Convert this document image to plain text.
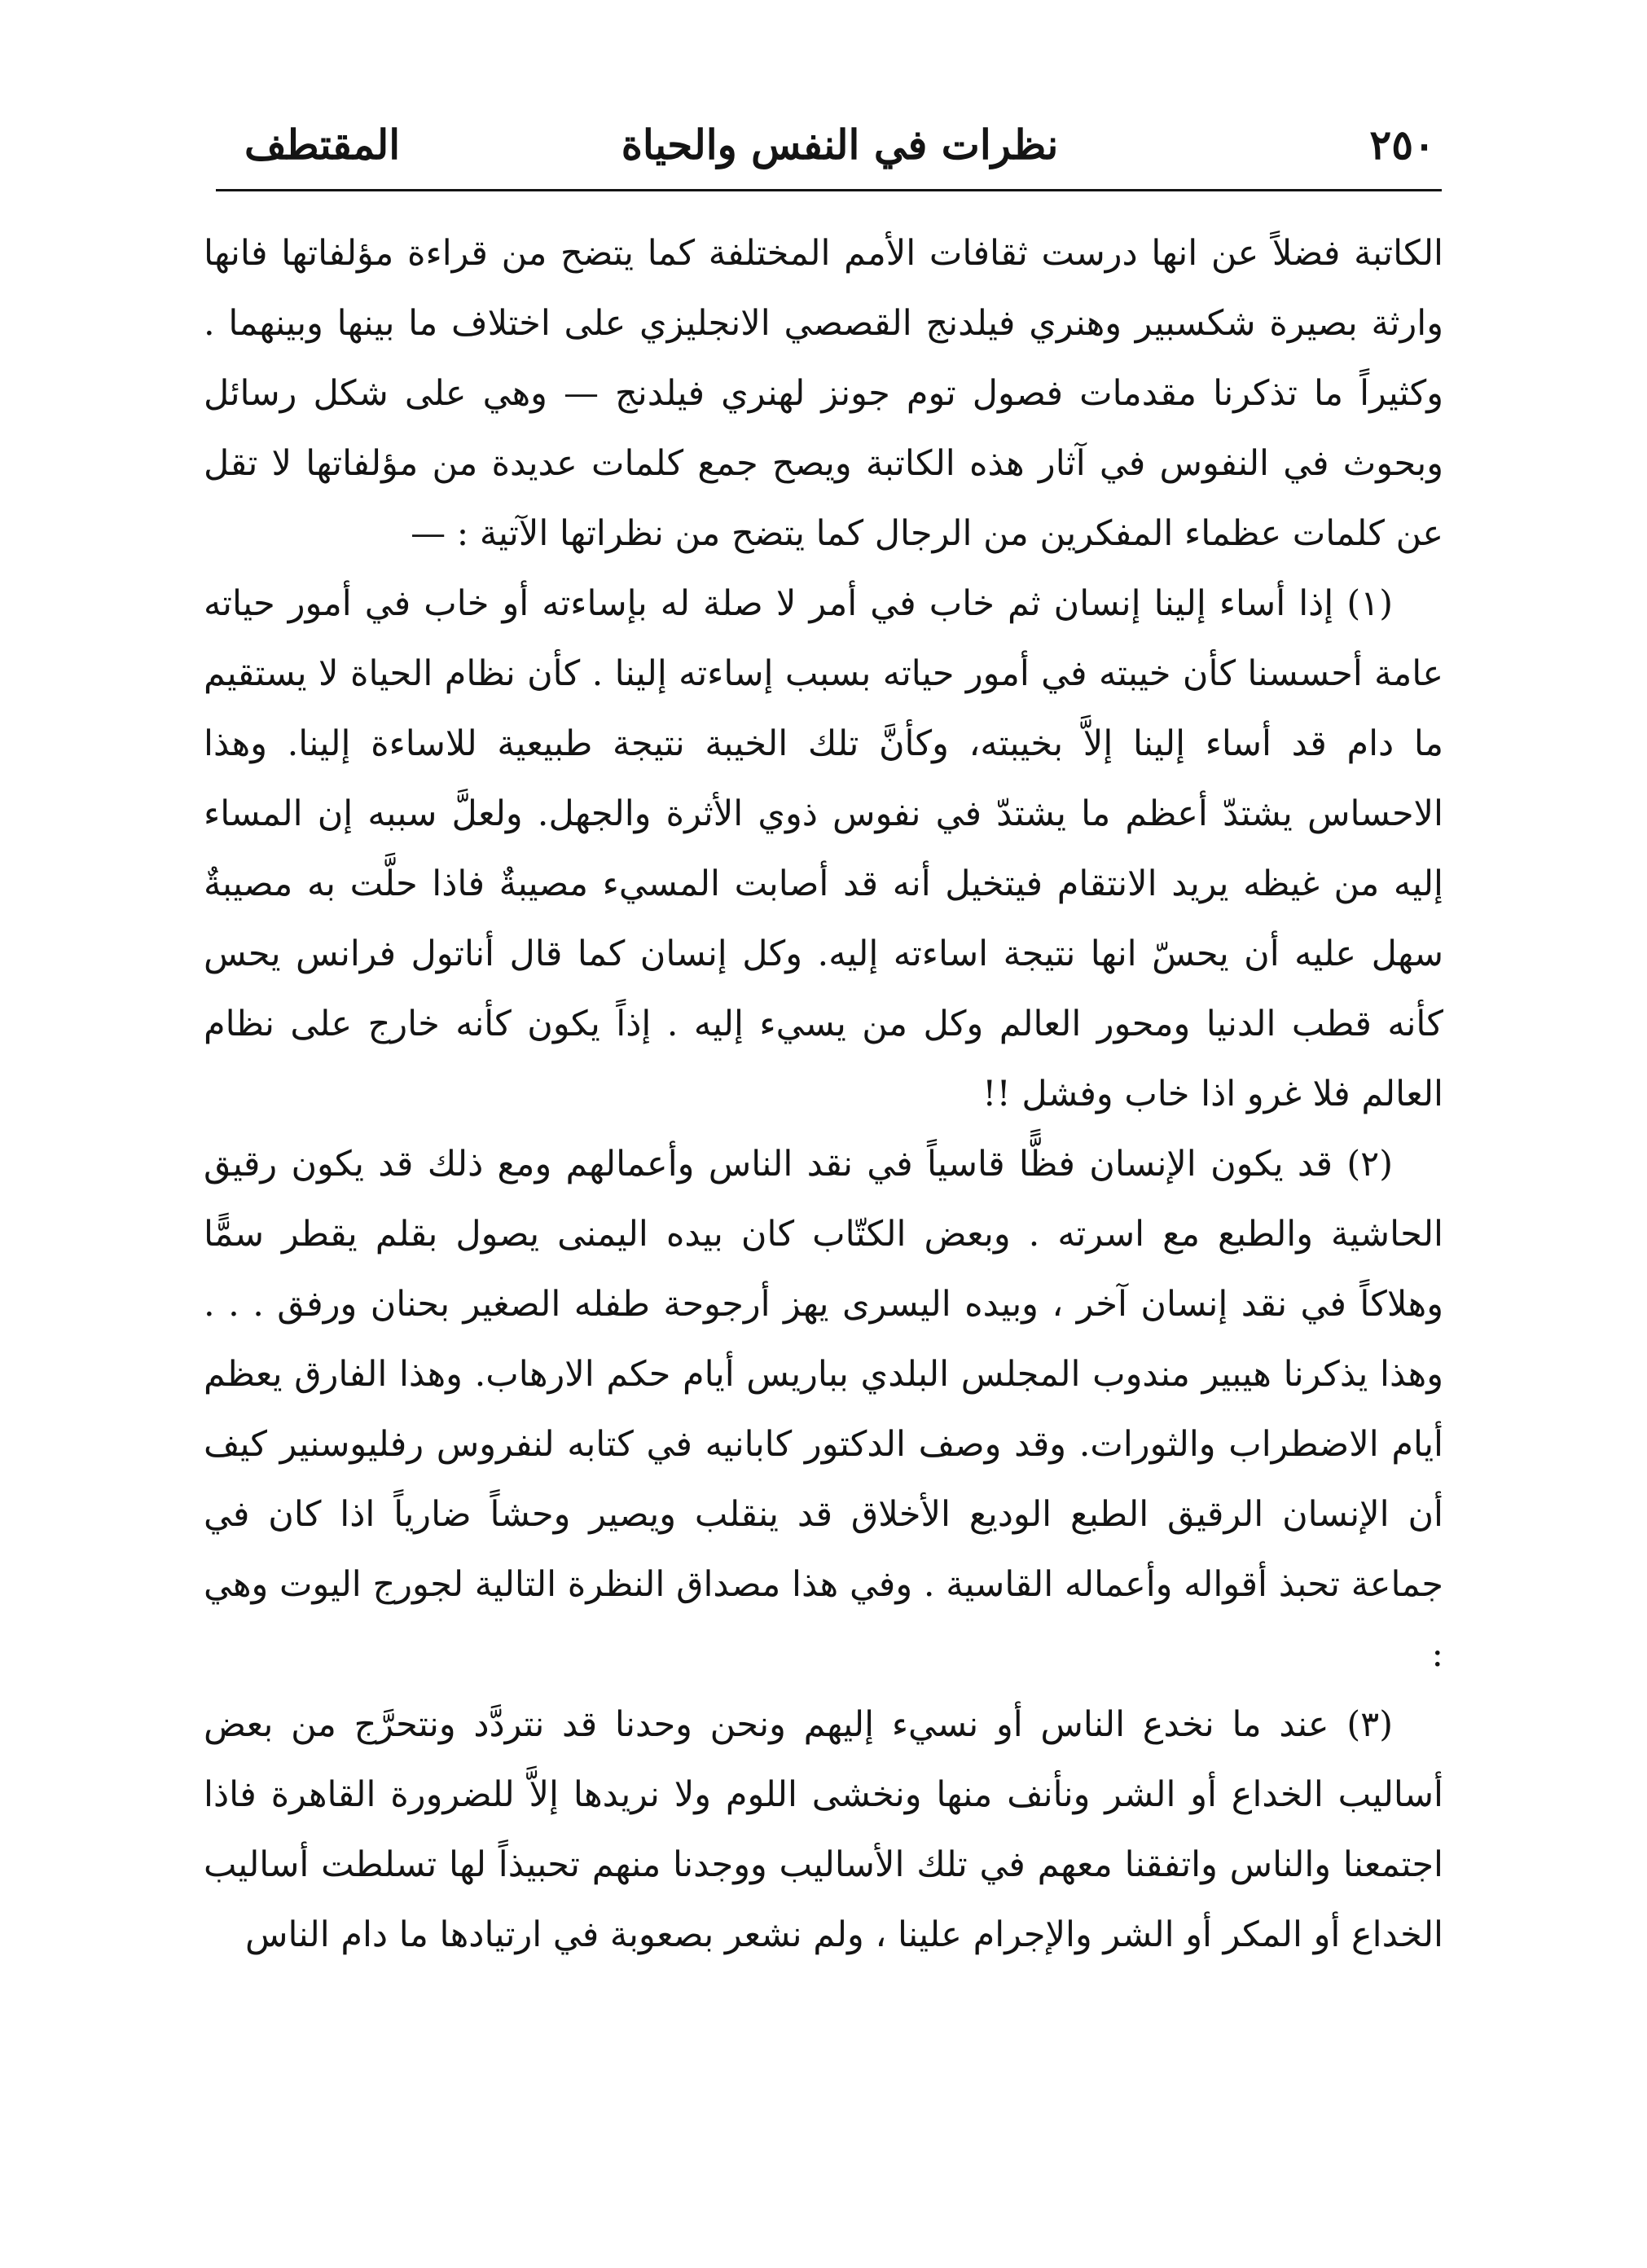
٢٥٠
نظرات في النفس والحياة
المقتطف

الكاتبة فضلاً عن انها درست ثقافات الأمم المختلفة كما يتضح من قراءة مؤلفاتها فانها وارثة بصيرة شكسبير وهنري فيلدنج القصصي الانجليزي على اختلاف ما بينها وبينهما . وكثيراً ما تذكرنا مقدمات فصول توم جونز لهنري فيلدنج — وهي على شكل رسائل وبحوث في النفوس في آثار هذه الكاتبة ويصح جمع كلمات عديدة من مؤلفاتها لا تقل عن كلمات عظماء المفكرين من الرجال كما يتضح من نظراتها الآتية : —

(١) إذا أساء إلينا إنسان ثم خاب في أمر لا صلة له بإساءته أو خاب في أمور حياته عامة أحسسنا كأن خيبته في أمور حياته بسبب إساءته إلينا . كأن نظام الحياة لا يستقيم ما دام قد أساء إلينا إلاَّ بخيبته، وكأنَّ تلك الخيبة نتيجة طبيعية للاساءة إلينا. وهذا الاحساس يشتدّ أعظم ما يشتدّ في نفوس ذوي الأثرة والجهل. ولعلَّ سببه إن المساء إليه من غيظه يريد الانتقام فيتخيل أنه قد أصابت المسيء مصيبةٌ فاذا حلَّت به مصيبةٌ سهل عليه أن يحسّ انها نتيجة اساءته إليه. وكل إنسان كما قال أناتول فرانس يحس كأنه قطب الدنيا ومحور العالم وكل من يسيء إليه . إذاً يكون كأنه خارج على نظام العالم فلا غرو اذا خاب وفشل !!

(٢) قد يكون الإنسان فظًّا قاسياً في نقد الناس وأعمالهم ومع ذلك قد يكون رقيق الحاشية والطبع مع اسرته . وبعض الكتّاب كان بيده اليمنى يصول بقلم يقطر سمًّا وهلاكاً في نقد إنسان آخر ، وبيده اليسرى يهز أرجوحة طفله الصغير بحنان ورفق . . . وهذا يذكرنا هيبير مندوب المجلس البلدي بباريس أيام حكم الارهاب. وهذا الفارق يعظم أيام الاضطراب والثورات. وقد وصف الدكتور كابانيه في كتابه لنفروس رفليوسنير كيف أن الإنسان الرقيق الطبع الوديع الأخلاق قد ينقلب ويصير وحشاً ضارياً اذا كان في جماعة تحبذ أقواله وأعماله القاسية . وفي هذا مصداق النظرة التالية لجورج اليوت وهي :

(٣) عند ما نخدع الناس أو نسيء إليهم ونحن وحدنا قد نتردَّد ونتحرَّج من بعض أساليب الخداع أو الشر ونأنف منها ونخشى اللوم ولا نريدها إلاَّ للضرورة القاهرة فاذا اجتمعنا والناس واتفقنا معهم في تلك الأساليب ووجدنا منهم تحبيذاً لها تسلطت أساليب الخداع أو المكر أو الشر والإجرام علينا ، ولم نشعر بصعوبة في ارتيادها ما دام الناس
